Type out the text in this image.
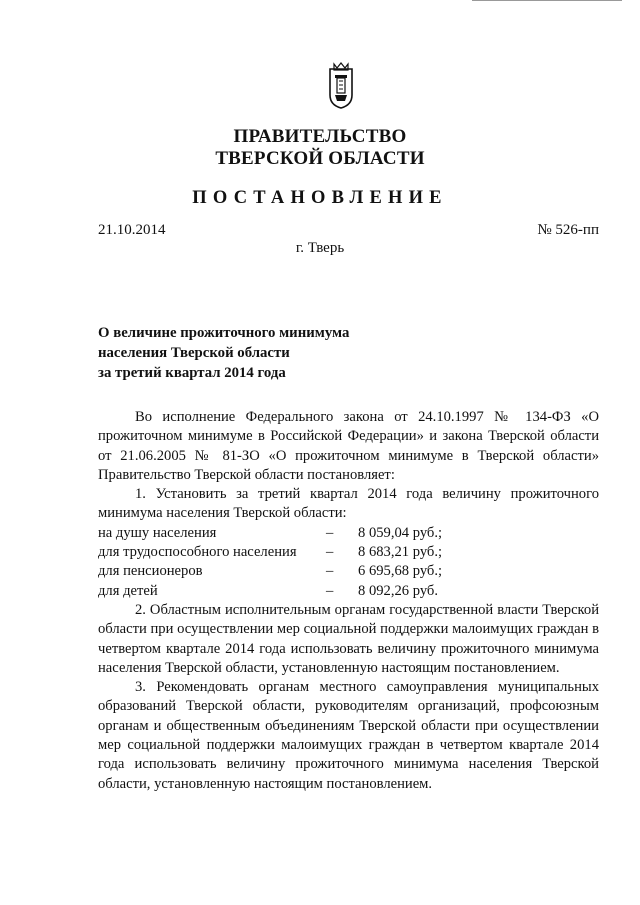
ПРАВИТЕЛЬСТВО
ТВЕРСКОЙ ОБЛАСТИ
ПОСТАНОВЛЕНИЕ
21.10.2014	№ 526-пп
г. Тверь
О величине прожиточного минимума
населения Тверской области
за третий квартал 2014 года

Во исполнение Федерального закона от 24.10.1997 № 134-ФЗ «О прожиточном минимуме в Российской Федерации» и закона Тверской области от 21.06.2005 № 81-ЗО «О прожиточном минимуме в Тверской области» Правительство Тверской области постановляет:

1. Установить за третий квартал 2014 года величину прожиточного минимума населения Тверской области:

на душу населения	–	8 059,04 руб.;
для трудоспособного населения	–	8 683,21 руб.;
для пенсионеров	–	6 695,68 руб.;
для детей	–	8 092,26 руб.

2. Областным исполнительным органам государственной власти Тверской области при осуществлении мер социальной поддержки малоимущих граждан в четвертом квартале 2014 года использовать величину прожиточного минимума населения Тверской области, установленную настоящим постановлением.

3. Рекомендовать органам местного самоуправления муниципальных образований Тверской области, руководителям организаций, профсоюзным органам и общественным объединениям Тверской области при осуществлении мер социальной поддержки малоимущих граждан в четвертом квартале 2014 года использовать величину прожиточного минимума населения Тверской области, установленную настоящим постановлением.
